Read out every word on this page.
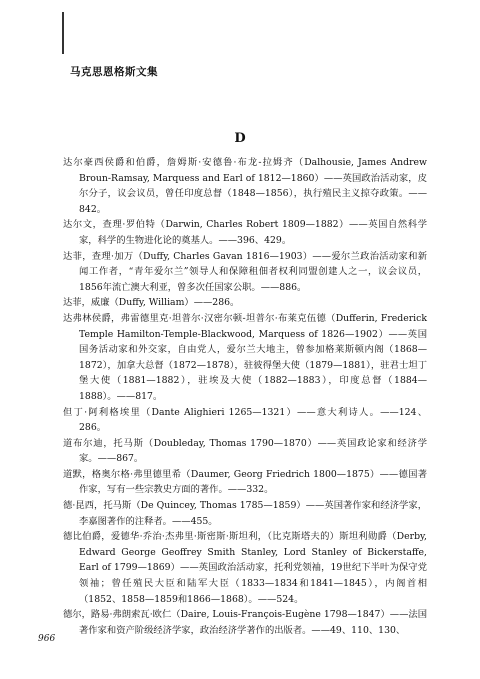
马克思恩格斯文集
D

达尔豪西侯爵和伯爵，詹姆斯·安德鲁·布龙-拉姆齐（Dalhousie, James Andrew Broun-Ramsay, Marquess and Earl of 1812—1860）——英国政治活动家，皮尔分子，议会议员，曾任印度总督（1848—1856），执行殖民主义掠夺政策。——842。

达尔文，查理·罗伯特（Darwin, Charles Robert 1809—1882）——英国自然科学家，科学的生物进化论的奠基人。——396、429。

达菲，查理·加万（Duffy, Charles Gavan 1816—1903）——爱尔兰政治活动家和新闻工作者，“青年爱尔兰”领导人和保障租佃者权利同盟创建人之一，议会议员，1856年流亡澳大利亚，曾多次任国家公职。——886。

达菲，威廉（Duffy, William）——286。

达弗林侯爵，弗雷德里克·坦普尔·汉密尔顿-坦普尔·布莱克伍德（Dufferin, Frederick Temple Hamilton-Temple-Blackwood, Marquess of 1826—1902）——英国国务活动家和外交家，自由党人，爱尔兰大地主，曾参加格莱斯顿内阁（1868—1872），加拿大总督（1872—1878），驻彼得堡大使（1879—1881），驻君士坦丁堡大使（1881—1882），驻埃及大使（1882—1883），印度总督（1884—1888）。——817。

但丁·阿利格埃里（Dante Alighieri 1265—1321）——意大利诗人。——124、286。

道布尔迪，托马斯（Doubleday, Thomas 1790—1870）——英国政论家和经济学家。——867。

道默，格奥尔格·弗里德里希（Daumer, Georg Friedrich 1800—1875）——德国著作家，写有一些宗教史方面的著作。——332。

德·昆西，托马斯（De Quincey, Thomas 1785—1859）——英国著作家和经济学家，李嘉图著作的注释者。——455。

德比伯爵，爱德华·乔治·杰弗里·斯密斯·斯坦利，（比克斯塔夫的）斯坦利勋爵（Derby, Edward George Geoffrey Smith Stanley, Lord Stanley of Bickerstaffe, Earl of 1799—1869）——英国政治活动家，托利党领袖，19世纪下半叶为保守党领袖；曾任殖民大臣和陆军大臣（1833—1834和1841—1845），内阁首相（1852、1858—1859和1866—1868）。——524。

德尔，路易·弗朗索瓦·欧仁（Daire, Louis-François-Eugène 1798—1847）——法国著作家和资产阶级经济学家，政治经济学著作的出版者。——49、110、130、

966
